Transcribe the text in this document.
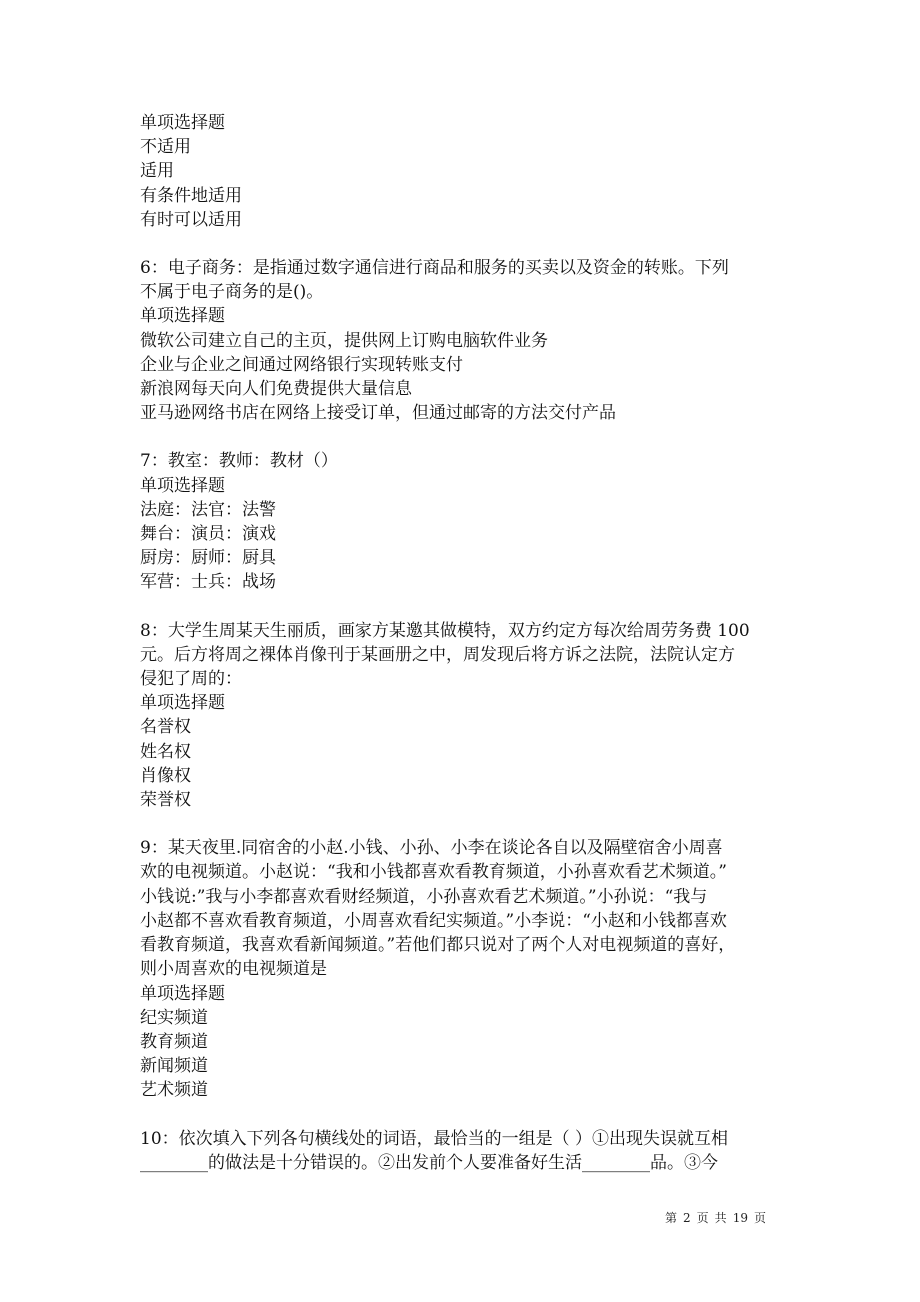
单项选择题
不适用
适用
有条件地适用
有时可以适用
6：电子商务：是指通过数字通信进行商品和服务的买卖以及资金的转账。下列
不属于电子商务的是()。
单项选择题
微软公司建立自己的主页，提供网上订购电脑软件业务
企业与企业之间通过网络银行实现转账支付
新浪网每天向人们免费提供大量信息
亚马逊网络书店在网络上接受订单，但通过邮寄的方法交付产品
7：教室：教师：教材（）
单项选择题
法庭：法官：法警
舞台：演员：演戏
厨房：厨师：厨具
军营：士兵：战场
8：大学生周某天生丽质，画家方某邀其做模特，双方约定方每次给周劳务费 100
元。后方将周之裸体肖像刊于某画册之中，周发现后将方诉之法院，法院认定方
侵犯了周的：
单项选择题
名誉权
姓名权
肖像权
荣誉权
9：某天夜里.同宿舍的小赵.小钱、小孙、小李在谈论各自以及隔壁宿舍小周喜
欢的电视频道。小赵说：“我和小钱都喜欢看教育频道，小孙喜欢看艺术频道。”
小钱说:”我与小李都喜欢看财经频道，小孙喜欢看艺术频道。”小孙说：“我与
小赵都不喜欢看教育频道，小周喜欢看纪实频道。”小李说：“小赵和小钱都喜欢
看教育频道，我喜欢看新闻频道。”若他们都只说对了两个人对电视频道的喜好，
则小周喜欢的电视频道是
单项选择题
纪实频道
教育频道
新闻频道
艺术频道
10：依次填入下列各句横线处的词语，最恰当的一组是（ ）①出现失误就互相
________的做法是十分错误的。②出发前个人要准备好生活________品。③今
第 2 页 共 19 页
